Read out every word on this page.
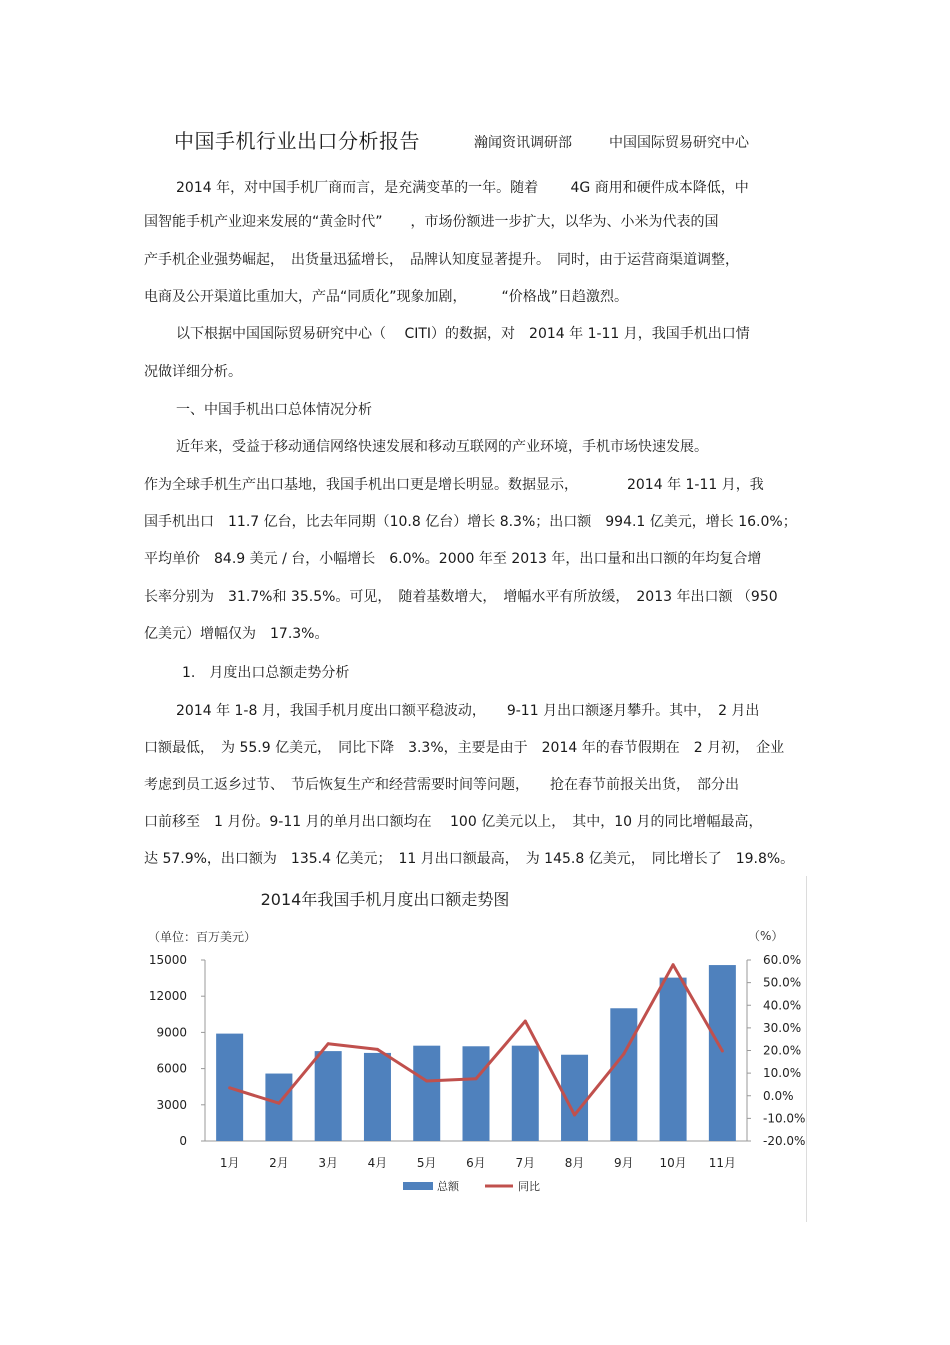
中国手机行业出口分析报告	瀚闻资讯调研部	中国国际贸易研究中心
2014 年，对中国手机厂商而言，是充满变革的一年。随着　　 4G 商用和硬件成本降低，中
国智能手机产业迎来发展的“黄金时代”　　，市场份额进一步扩大，以华为、小米为代表的国
产手机企业强势崛起，　出货量迅猛增长，　品牌认知度显著提升。　同时，由于运营商渠道调整，
电商及公开渠道比重加大，产品“同质化”现象加剧，　　　“价格战”日趋激烈。
以下根据中国国际贸易研究中心（　 CITI）的数据，对　2014 年 1-11 月，我国手机出口情
况做详细分析。
一、中国手机出口总体情况分析
近年来，受益于移动通信网络快速发展和移动互联网的产业环境，手机市场快速发展。
作为全球手机生产出口基地，我国手机出口更是增长明显。数据显示，　　　　2014 年 1-11 月，我
国手机出口　11.7 亿台，比去年同期（10.8 亿台）增长 8.3%；出口额　994.1 亿美元，增长 16.0%；
平均单价　84.9 美元 / 台，小幅增长　6.0%。2000 年至 2013 年，出口量和出口额的年均复合增
长率分别为　31.7%和 35.5%。可见，　随着基数增大，　增幅水平有所放缓，　2013 年出口额 （950
亿美元）增幅仅为　17.3%。
1.　月度出口总额走势分析
2014 年 1-8 月，我国手机月度出口额平稳波动，　　9-11 月出口额逐月攀升。其中，　2 月出
口额最低，　为 55.9 亿美元，　同比下降　3.3%，主要是由于　2014 年的春节假期在　2 月初，　企业
考虑到员工返乡过节、　节后恢复生产和经营需要时间等问题，　　抢在春节前报关出货，　部分出
口前移至　1 月份。9-11 月的单月出口额均在　 100 亿美元以上，　其中，10 月的同比增幅最高，
达 57.9%，出口额为　135.4 亿美元；　11 月出口额最高，　为 145.8 亿美元，　同比增长了　19.8%。
2014年我国手机月度出口额走势图
（单位：百万美元）	（%）
0
3000
6000
9000
12000
15000
-20.0%
-10.0%
0.0%
10.0%
20.0%
30.0%
40.0%
50.0%
60.0%
1月 2月 3月 4月 5月 6月 7月 8月 9月 10月 11月
总额	同比
